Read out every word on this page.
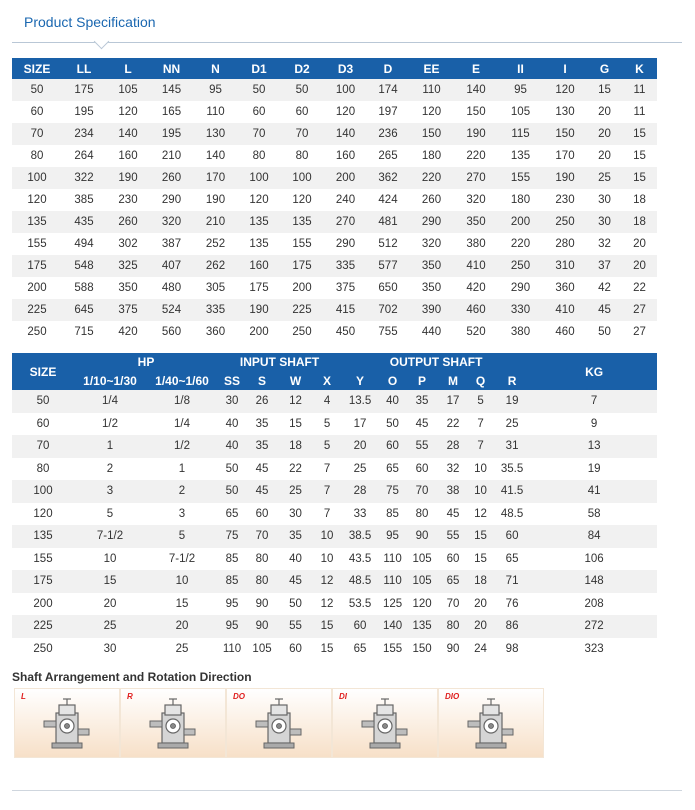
Product Specification
SIZE	LL	L	NN	N	D1	D2	D3	D	EE	E	II	I	G	K
50	175	105	145	95	50	50	100	174	110	140	95	120	15	11
60	195	120	165	110	60	60	120	197	120	150	105	130	20	11
70	234	140	195	130	70	70	140	236	150	190	115	150	20	15
80	264	160	210	140	80	80	160	265	180	220	135	170	20	15
100	322	190	260	170	100	100	200	362	220	270	155	190	25	15
120	385	230	290	190	120	120	240	424	260	320	180	230	30	18
135	435	260	320	210	135	135	270	481	290	350	200	250	30	18
155	494	302	387	252	135	155	290	512	320	380	220	280	32	20
175	548	325	407	262	160	175	335	577	350	410	250	310	37	20
200	588	350	480	305	175	200	375	650	350	420	290	360	42	22
225	645	375	524	335	190	225	415	702	390	460	330	410	45	27
250	715	420	560	360	200	250	450	755	440	520	380	460	50	27
SIZE	HP		INPUT SHAFT				OUTPUT SHAFT						KG
	1/10~1/30	1/40~1/60	SS	S	W	X	Y	O	P	M	Q	R	
50	1/4	1/8	30	26	12	4	13.5	40	35	17	5	19	7
60	1/2	1/4	40	35	15	5	17	50	45	22	7	25	9
70	1	1/2	40	35	18	5	20	60	55	28	7	31	13
80	2	1	50	45	22	7	25	65	60	32	10	35.5	19
100	3	2	50	45	25	7	28	75	70	38	10	41.5	41
120	5	3	65	60	30	7	33	85	80	45	12	48.5	58
135	7-1/2	5	75	70	35	10	38.5	95	90	55	15	60	84
155	10	7-1/2	85	80	40	10	43.5	110	105	60	15	65	106
175	15	10	85	80	45	12	48.5	110	105	65	18	71	148
200	20	15	95	90	50	12	53.5	125	120	70	20	76	208
225	25	20	95	90	55	15	60	140	135	80	20	86	272
250	30	25	110	105	60	15	65	155	150	90	24	98	323
Shaft Arrangement and Rotation Direction
L	R	DO	DI	DIO
